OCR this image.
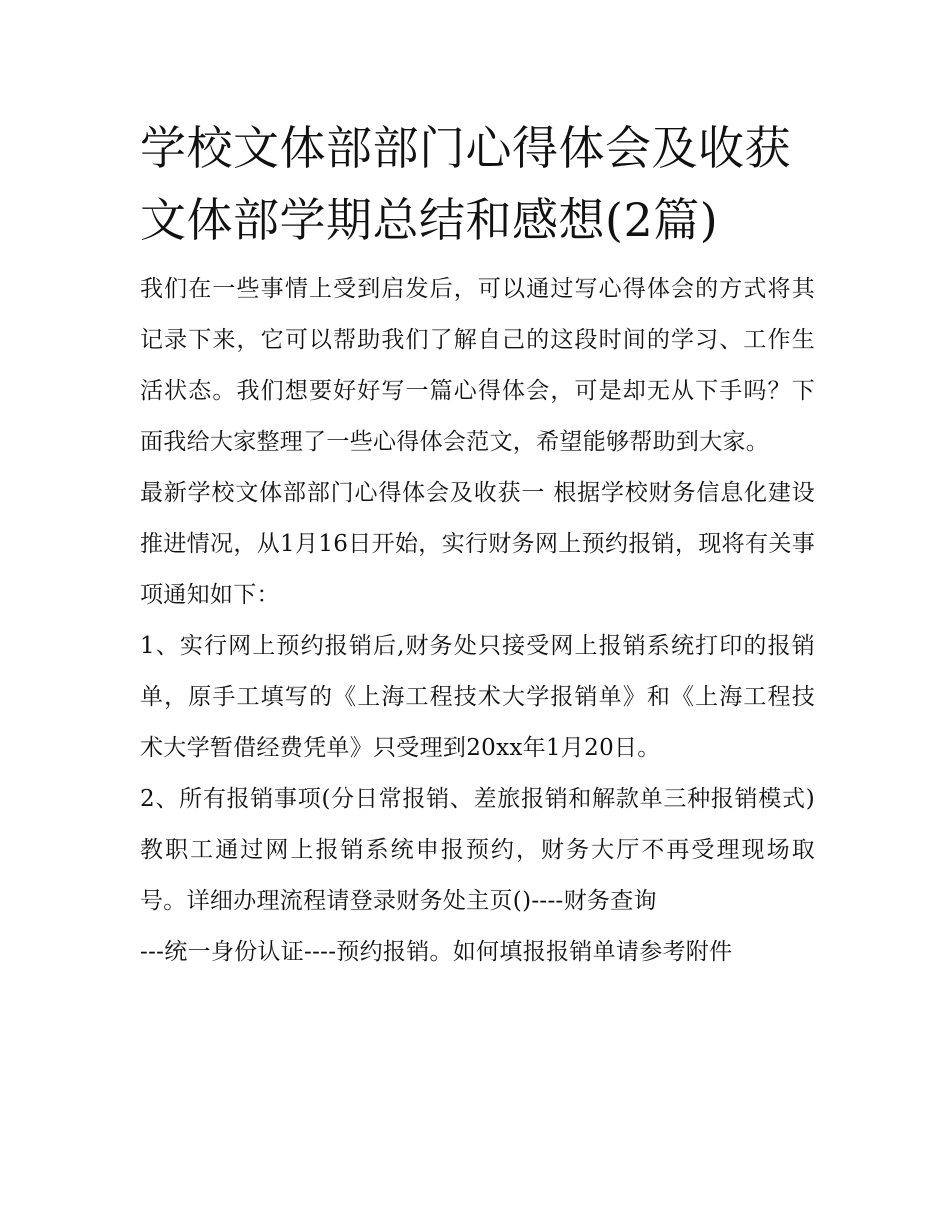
学校文体部部门心得体会及收获 文体部学期总结和感想(2篇)

我们在一些事情上受到启发后，可以通过写心得体会的方式将其记录下来，它可以帮助我们了解自己的这段时间的学习、工作生活状态。我们想要好好写一篇心得体会，可是却无从下手吗？下面我给大家整理了一些心得体会范文，希望能够帮助到大家。

最新学校文体部部门心得体会及收获一 根据学校财务信息化建设推进情况，从1月16日开始，实行财务网上预约报销，现将有关事项通知如下：

1、实行网上预约报销后,财务处只接受网上报销系统打印的报销单，原手工填写的《上海工程技术大学报销单》和《上海工程技术大学暂借经费凭单》只受理到20xx年1月20日。

2、所有报销事项(分日常报销、差旅报销和解款单三种报销模式)教职工通过网上报销系统申报预约，财务大厅不再受理现场取号。详细办理流程请登录财务处主页()----财务查询

---统一身份认证----预约报销。如何填报报销单请参考附件
